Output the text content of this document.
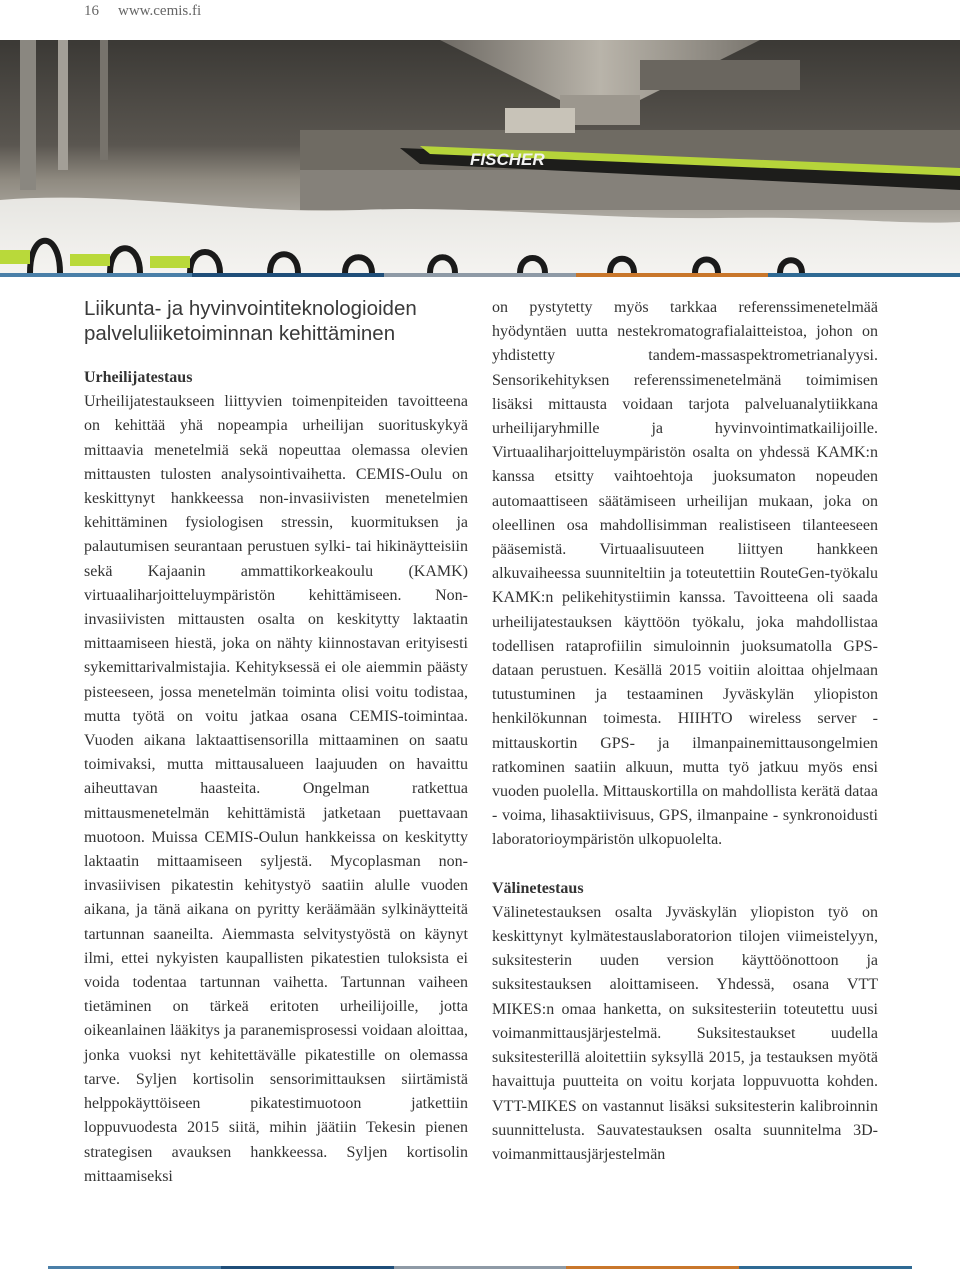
16 www.cemis.fi
FISCHER
Liikunta- ja hyvinvointiteknologioiden palveluliiketoiminnan kehittäminen
Urheilijatestaus

Urheilijatestaukseen liittyvien toimenpiteiden tavoitteena on kehittää yhä nopeampia urheilijan suorituskykyä mittaavia menetelmiä sekä nopeuttaa olemassa olevien mittausten tulosten analysointivaihetta. CEMIS-Oulu on keskittynyt hankkeessa non-invasiivisten menetelmien kehittäminen fysiologisen stressin, kuormituksen ja palautumisen seurantaan perustuen sylki- tai hikinäytteisiin sekä Kajaanin ammattikorkeakoulu (KAMK) virtuaaliharjoitteluympäristön kehittämiseen. Non-invasiivisten mittausten osalta on keskitytty laktaatin mittaamiseen hiestä, joka on nähty kiinnostavan erityisesti sykemittarivalmistajia. Kehityksessä ei ole aiemmin päästy pisteeseen, jossa menetelmän toiminta olisi voitu todistaa, mutta työtä on voitu jatkaa osana CEMIS-toimintaa. Vuoden aikana laktaattisensorilla mittaaminen on saatu toimivaksi, mutta mittausalueen laajuuden on havaittu aiheuttavan haasteita. Ongelman ratkettua mittausmenetelmän kehittämistä jatketaan puettavaan muotoon. Muissa CEMIS-Oulun hankkeissa on keskitytty laktaatin mittaamiseen syljestä. Mycoplasman non-invasiivisen pikatestin kehitystyö saatiin alulle vuoden aikana, ja tänä aikana on pyritty keräämään sylkinäytteitä tartunnan saaneilta. Aiemmasta selvitystyöstä on käynyt ilmi, ettei nykyisten kaupallisten pikatestien tuloksista ei voida todentaa tartunnan vaihetta. Tartunnan vaiheen tietäminen on tärkeä eritoten urheilijoille, jotta oikeanlainen lääkitys ja paranemisprosessi voidaan aloittaa, jonka vuoksi nyt kehitettävälle pikatestille on olemassa tarve. Syljen kortisolin sensorimittauksen siirtämistä helppokäyttöiseen pikatestimuotoon jatkettiin loppuvuodesta 2015 siitä, mihin jäätiin Tekesin pienen strategisen avauksen hankkeessa. Syljen kortisolin mittaamiseksi

on pystytetty myös tarkkaa referenssimenetelmää hyödyntäen uutta nestekromatografialaitteistoa, johon on yhdistetty tandem-massaspektrometrianalyysi. Sensorikehityksen referenssimenetelmänä toimimisen lisäksi mittausta voidaan tarjota palveluanalytiikkana urheilijaryhmille ja hyvinvointimatkailijoille. Virtuaaliharjoitteluympäristön osalta on yhdessä KAMK:n kanssa etsitty vaihtoehtoja juoksumaton nopeuden automaattiseen säätämiseen urheilijan mukaan, joka on oleellinen osa mahdollisimman realistiseen tilanteeseen pääsemistä. Virtuaalisuuteen liittyen hankkeen alkuvaiheessa suunniteltiin ja toteutettiin RouteGen-työkalu KAMK:n pelikehitystiimin kanssa. Tavoitteena oli saada urheilijatestauksen käyttöön työkalu, joka mahdollistaa todellisen rataprofiilin simuloinnin juoksumatolla GPS-dataan perustuen. Kesällä 2015 voitiin aloittaa ohjelmaan tutustuminen ja testaaminen Jyväskylän yliopiston henkilökunnan toimesta. HIIHTO wireless server -mittauskortin GPS- ja ilmanpainemittausongelmien ratkominen saatiin alkuun, mutta työ jatkuu myös ensi vuoden puolella. Mittauskortilla on mahdollista kerätä dataa - voima, lihasaktiivisuus, GPS, ilmanpaine - synkronoidusti laboratorioympäristön ulkopuolelta.

Välinetestaus

Välinetestauksen osalta Jyväskylän yliopiston työ on keskittynyt kylmätestauslaboratorion tilojen viimeistelyyn, suksitesterin uuden version käyttöönottoon ja suksitestauksen aloittamiseen. Yhdessä, osana VTT MIKES:n omaa hanketta, on suksitesteriin toteutettu uusi voimanmittausjärjestelmä. Suksitestaukset uudella suksitesterillä aloitettiin syksyllä 2015, ja testauksen myötä havaittuja puutteita on voitu korjata loppuvuotta kohden. VTT-MIKES on vastannut lisäksi suksitesterin kalibroinnin suunnittelusta. Sauvatestauksen osalta suunnitelma 3D-voimanmittausjärjestelmän
